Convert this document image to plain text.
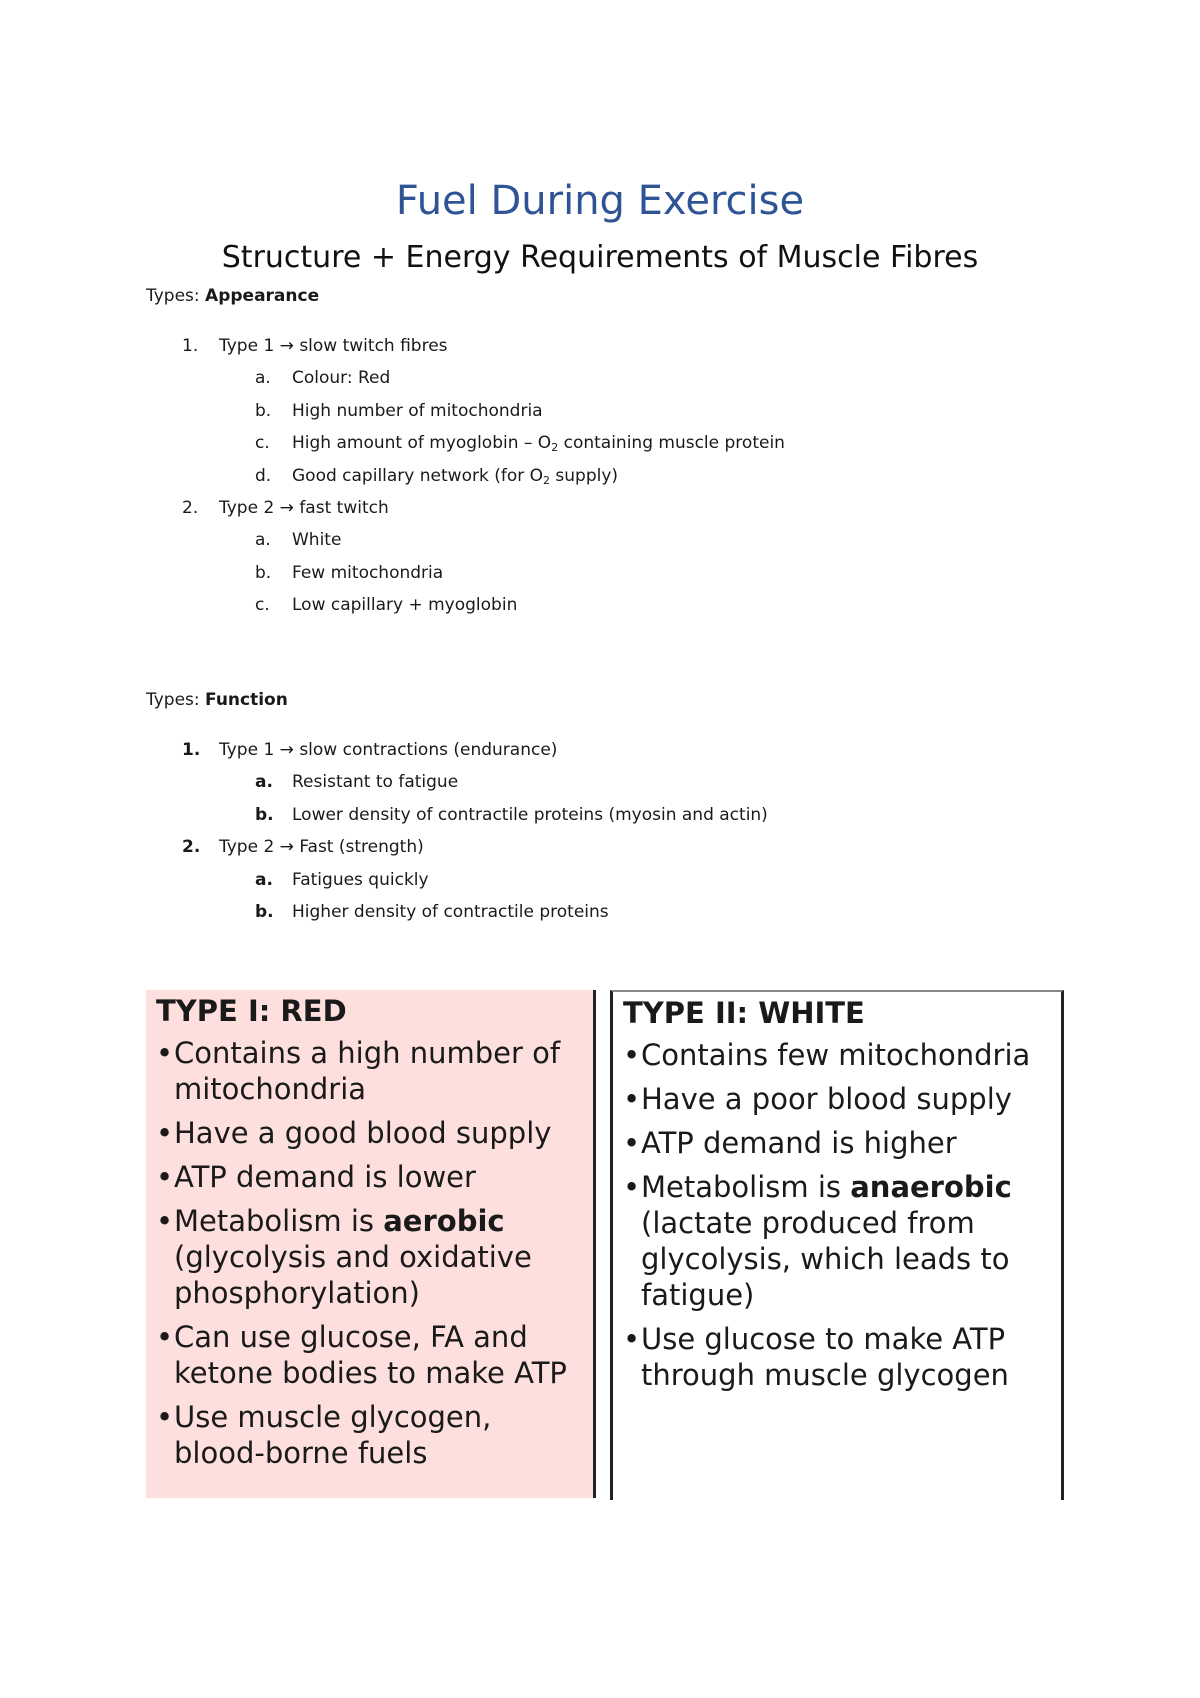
Fuel During Exercise
Structure + Energy Requirements of Muscle Fibres
Types: Appearance
1. Type 1 → slow twitch fibres
a. Colour: Red
b. High number of mitochondria
c. High amount of myoglobin – $O_2$ containing muscle protein
d. Good capillary network (for $O_2$ supply)
2. Type 2 → fast twitch
a. White
b. Few mitochondria
c. Low capillary + myoglobin
Types: Function
1. Type 1 → slow contractions (endurance)
a. Resistant to fatigue
b. Lower density of contractile proteins (myosin and actin)
2. Type 2 → Fast (strength)
a. Fatigues quickly
b. Higher density of contractile proteins
TYPE I: RED
• Contains a high number of mitochondria
• Have a good blood supply
• ATP demand is lower
• Metabolism is aerobic (glycolysis and oxidative phosphorylation)
• Can use glucose, FA and ketone bodies to make ATP
• Use muscle glycogen, blood-borne fuels
TYPE II: WHITE
• Contains few mitochondria
• Have a poor blood supply
• ATP demand is higher
• Metabolism is anaerobic (lactate produced from glycolysis, which leads to fatigue)
• Use glucose to make ATP through muscle glycogen
